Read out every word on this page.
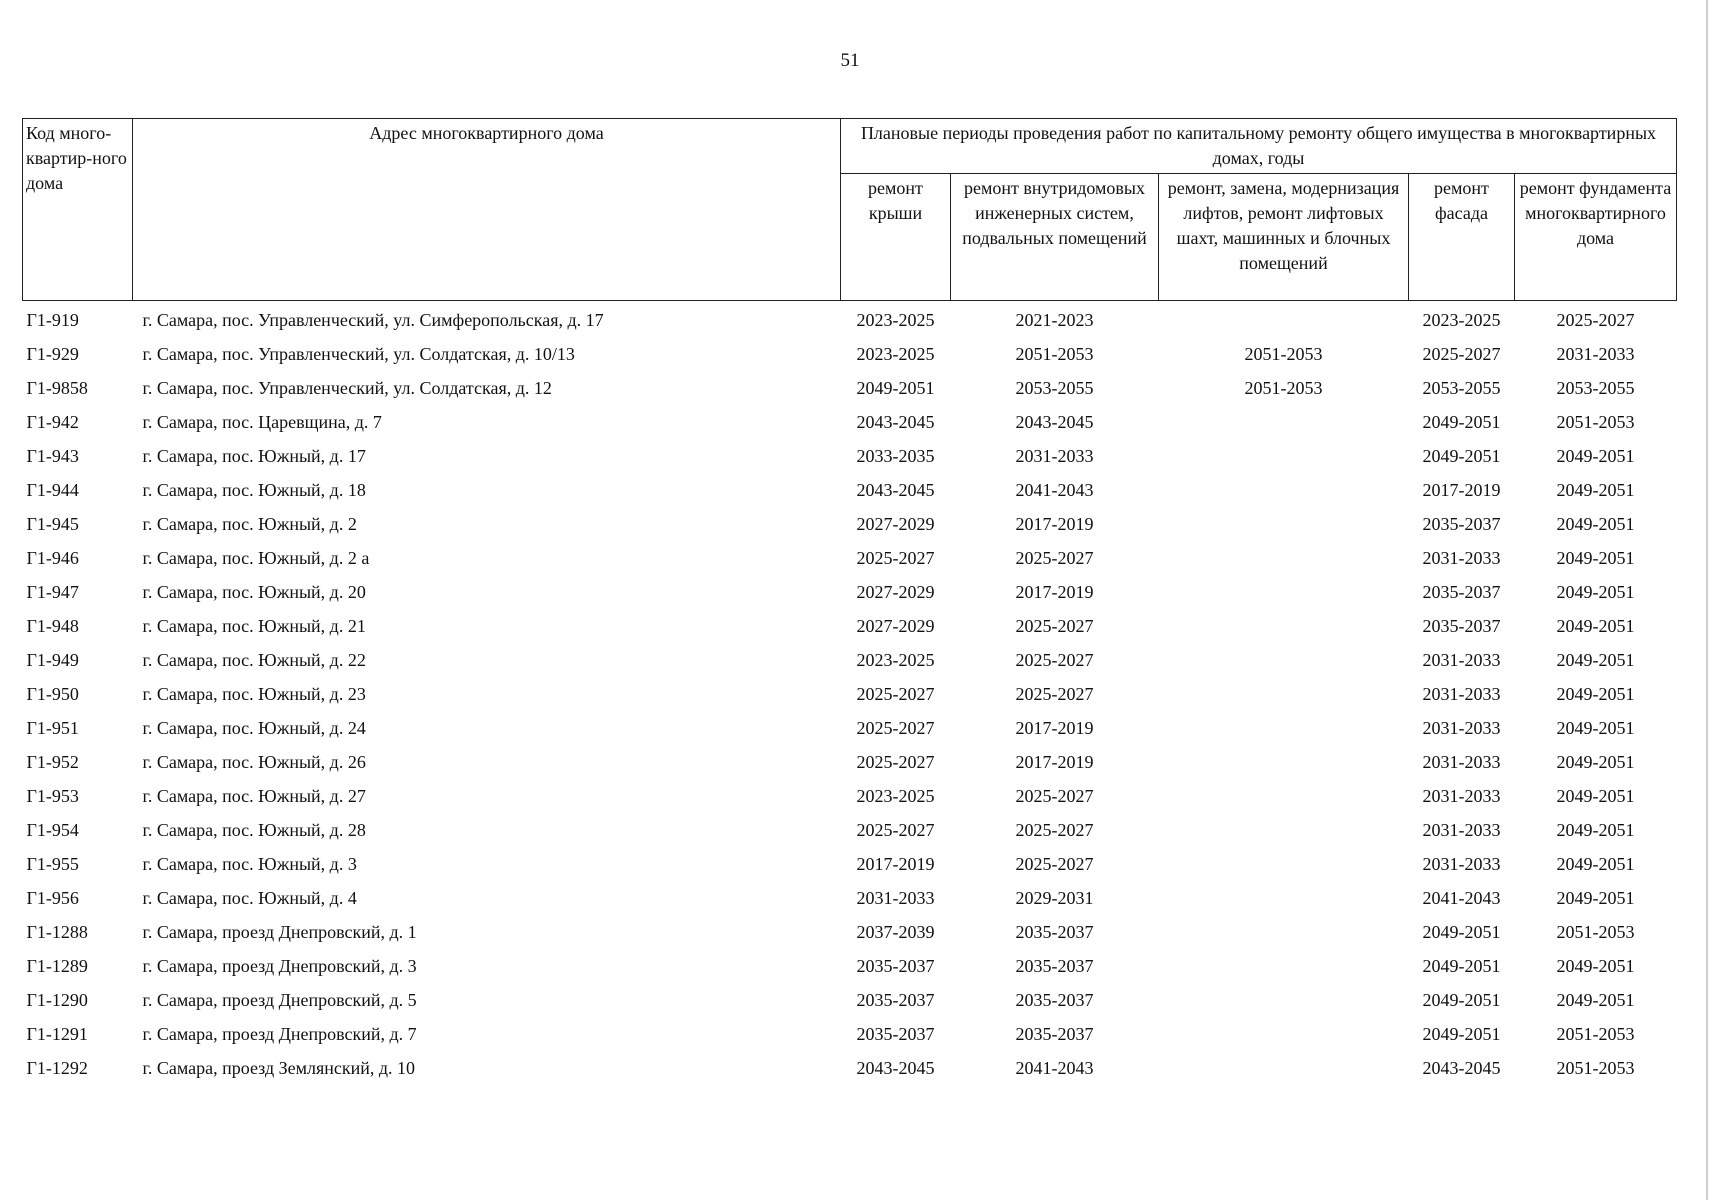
51
Код много-квартир-ного дома	Адрес многоквартирного дома	Плановые периоды проведения работ по капитальному ремонту общего имущества в многоквартирных домах, годы				
		ремонт крыши	ремонт внутридомовых инженерных систем, подвальных помещений	ремонт, замена, модернизация лифтов, ремонт лифтовых шахт, машинных и блочных помещений	ремонт фасада	ремонт фундамента многоквартирного дома
Г1-919	г. Самара, пос. Управленческий, ул. Симферопольская, д. 17	2023-2025	2021-2023		2023-2025	2025-2027
Г1-929	г. Самара, пос. Управленческий, ул. Солдатская, д. 10/13	2023-2025	2051-2053	2051-2053	2025-2027	2031-2033
Г1-9858	г. Самара, пос. Управленческий, ул. Солдатская, д. 12	2049-2051	2053-2055	2051-2053	2053-2055	2053-2055
Г1-942	г. Самара, пос. Царевщина, д. 7	2043-2045	2043-2045		2049-2051	2051-2053
Г1-943	г. Самара, пос. Южный, д. 17	2033-2035	2031-2033		2049-2051	2049-2051
Г1-944	г. Самара, пос. Южный, д. 18	2043-2045	2041-2043		2017-2019	2049-2051
Г1-945	г. Самара, пос. Южный, д. 2	2027-2029	2017-2019		2035-2037	2049-2051
Г1-946	г. Самара, пос. Южный, д. 2 а	2025-2027	2025-2027		2031-2033	2049-2051
Г1-947	г. Самара, пос. Южный, д. 20	2027-2029	2017-2019		2035-2037	2049-2051
Г1-948	г. Самара, пос. Южный, д. 21	2027-2029	2025-2027		2035-2037	2049-2051
Г1-949	г. Самара, пос. Южный, д. 22	2023-2025	2025-2027		2031-2033	2049-2051
Г1-950	г. Самара, пос. Южный, д. 23	2025-2027	2025-2027		2031-2033	2049-2051
Г1-951	г. Самара, пос. Южный, д. 24	2025-2027	2017-2019		2031-2033	2049-2051
Г1-952	г. Самара, пос. Южный, д. 26	2025-2027	2017-2019		2031-2033	2049-2051
Г1-953	г. Самара, пос. Южный, д. 27	2023-2025	2025-2027		2031-2033	2049-2051
Г1-954	г. Самара, пос. Южный, д. 28	2025-2027	2025-2027		2031-2033	2049-2051
Г1-955	г. Самара, пос. Южный, д. 3	2017-2019	2025-2027		2031-2033	2049-2051
Г1-956	г. Самара, пос. Южный, д. 4	2031-2033	2029-2031		2041-2043	2049-2051
Г1-1288	г. Самара, проезд Днепровский, д. 1	2037-2039	2035-2037		2049-2051	2051-2053
Г1-1289	г. Самара, проезд Днепровский, д. 3	2035-2037	2035-2037		2049-2051	2049-2051
Г1-1290	г. Самара, проезд Днепровский, д. 5	2035-2037	2035-2037		2049-2051	2049-2051
Г1-1291	г. Самара, проезд Днепровский, д. 7	2035-2037	2035-2037		2049-2051	2051-2053
Г1-1292	г. Самара, проезд Землянский, д. 10	2043-2045	2041-2043		2043-2045	2051-2053
